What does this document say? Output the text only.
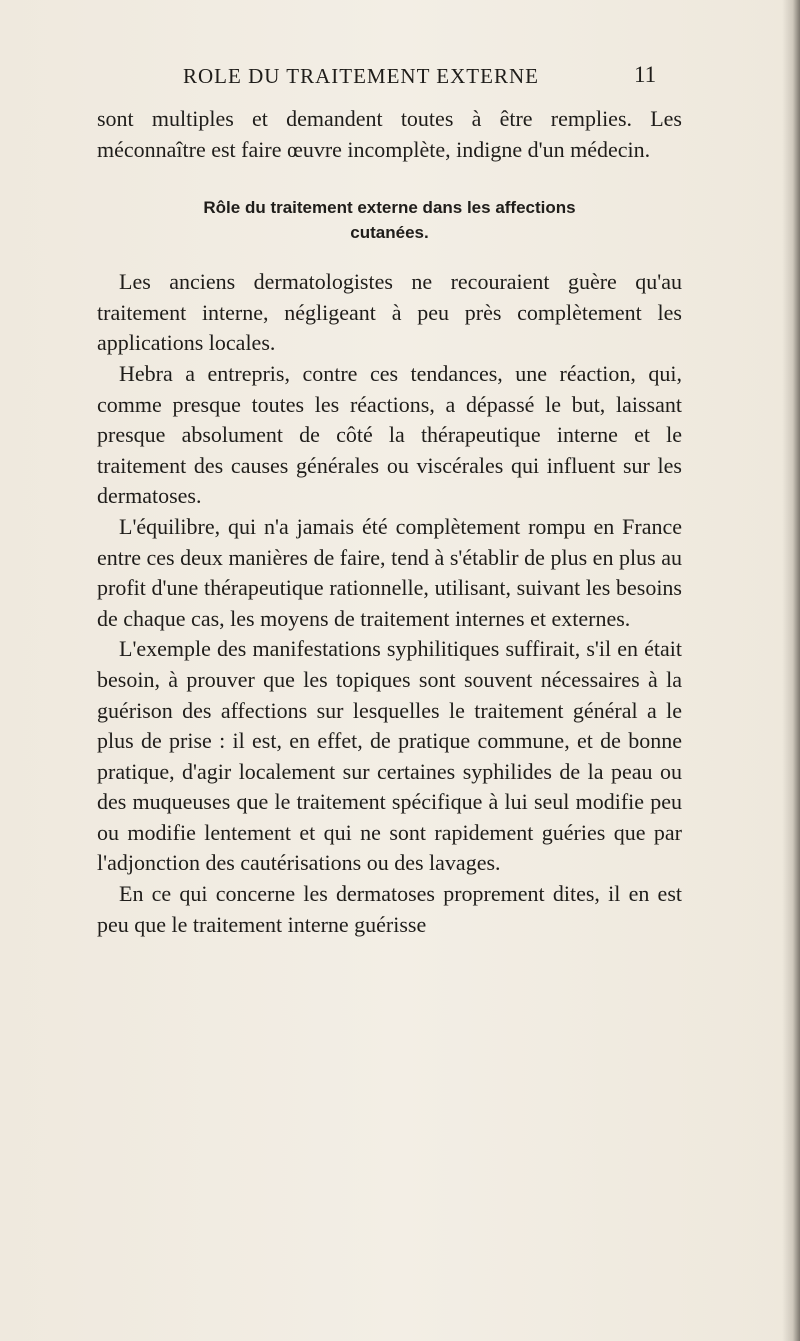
ROLE DU TRAITEMENT EXTERNE	11

sont multiples et demandent toutes à être remplies. Les méconnaître est faire œuvre incomplète, indigne d'un médecin.

Rôle du traitement externe dans les affections
cutanées.

Les anciens dermatologistes ne recouraient guère qu'au traitement interne, négligeant à peu près complètement les applications locales.

Hebra a entrepris, contre ces tendances, une réaction, qui, comme presque toutes les réactions, a dépassé le but, laissant presque absolument de côté la thérapeutique interne et le traitement des causes générales ou viscérales qui influent sur les dermatoses.

L'équilibre, qui n'a jamais été complètement rompu en France entre ces deux manières de faire, tend à s'établir de plus en plus au profit d'une thérapeutique rationnelle, utilisant, suivant les besoins de chaque cas, les moyens de traitement internes et externes.

L'exemple des manifestations syphilitiques suffirait, s'il en était besoin, à prouver que les topiques sont souvent nécessaires à la guérison des affections sur lesquelles le traitement général a le plus de prise : il est, en effet, de pratique commune, et de bonne pratique, d'agir localement sur certaines syphilides de la peau ou des muqueuses que le traitement spécifique à lui seul modifie peu ou modifie lentement et qui ne sont rapidement guéries que par l'adjonction des cautérisations ou des lavages.

En ce qui concerne les dermatoses proprement dites, il en est peu que le traitement interne guérisse
